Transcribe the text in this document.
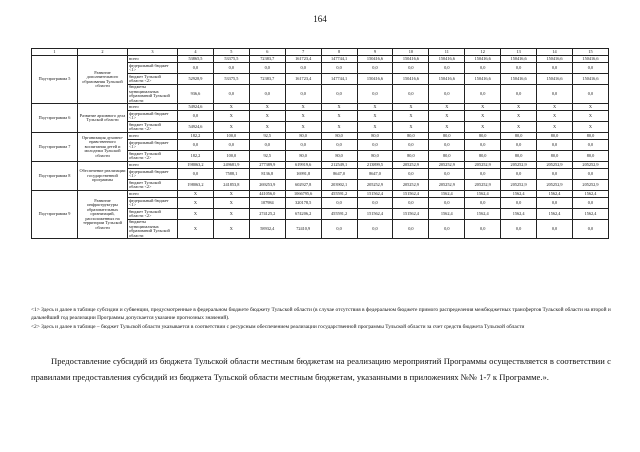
164
1	2	3	4	5	6	7	8	9	10	11	12	13	14	15
Под-программа 5	Развитие дополнительного образования Тульской области	всего	53865,5	53375,5	72383,7	161723,4	147744,1	150416,6	150416,6	150416,6	150416,6	150416,6	150416,6	150416,6
		федеральный бюджет <1>	0,0	0,0	0,0	0,0	0,0	0,0	0,0	0,0	0,0	0,0	0,0	0,0
		бюджет Тульской области <2>	52928,9	53375,5	72383,7	161723,4	147744,1	150416,6	150416,6	150416,6	150416,6	150416,6	150416,6	150416,6
		бюджеты муниципальных образований Тульской области	936,6	0,0	0,0	0,0	0,0	0,0	0,0	0,0	0,0	0,0	0,0	0,0
Под-программа 6	Развитие архивного дела Тульской области	всего	54924,6	X	X	X	X	X	X	X	X	X	X	X
		федеральный бюджет <1>	0,0	X	X	X	X	X	X	X	X	X	X	X
		бюджет Тульской области <2>	54924,6	X	X	X	X	X	X	X	X	X	X	X
Под-программа 7	Организация духовно-нравственного воспитания детей и молодежи Тульской области	всего	182,2	100,0	92,5	80,0	80,0	80,0	80,0	80,0	80,0	80,0	80,0	80,0
		федеральный бюджет <1>	0,0	0,0	0,0	0,0	0,0	0,0	0,0	0,0	0,0	0,0	0,0	0,0
		бюджет Тульской области <2>	182,2	100,0	92,5	80,0	80,0	80,0	80,0	80,0	80,0	80,0	80,0	80,0
Под-программа 8	Обеспечение реализации государственной программы	всего	198063,2	249681,9	277389,9	619919,6	212549,1	213899,5	205252,9	205252,9	205252,9	205252,9	205252,9	205252,9
		федеральный бюджет <1>	0,0	7588,1	8136,8	16991,8	8647,0	8647,0	0,0	0,0	0,0	0,0	0,0	0,0
		бюджет Тульской области <2>	198063,2	241853,8	269253,9	602927,8	203902,1	205252,9	205252,9	205252,9	205252,9	205252,9	205252,9	205252,9
Под-программа 9	Развитие инфраструктуры образовательных организаций, расположенных на территории Тульской области	всего	X	X	441056,0	1066795,6	455591,2	151562,4	151562,4	1562,4	1562,4	1562,4	1562,4	1562,4
		федеральный бюджет <1>	X	X	107984	320178,5	0,0	0,0	0,0	0,0	0,0	0,0	0,0	0,0
		бюджет Тульской области <2>	X	X	274125,2	674206,2	455591,2	151562,4	151562,4	1562,4	1562,4	1562,4	1562,4	1562,4
		бюджеты муниципальных образований Тульской области	X	X	58932,4	72410,9	0,0	0,0	0,0	0,0	0,0	0,0	0,0	0,0

<1> Здесь и далее в таблице субсидии и субвенции, предусмотренные в федеральном бюджете бюджету Тульской области (в случае отсутствия в федеральном бюджете примого распределения межбюджетных трансфертов Тульской области на второй и дальнейший год реализации Программы допускается указание прогнозных значений).

<2> Здесь и далее в таблице – бюджет Тульской области указывается в соответствии с ресурсным обеспечением реализации государственной программы Тульской области за счет средств бюджета Тульской области

Предоставление субсидий из бюджета Тульской области местным бюджетам на реализацию мероприятий Программы осуществляется в соответствии с правилами предоставления субсидий из бюджета Тульской области местным бюджетам, указанными в приложениях №№ 1-7 к Программе.».
